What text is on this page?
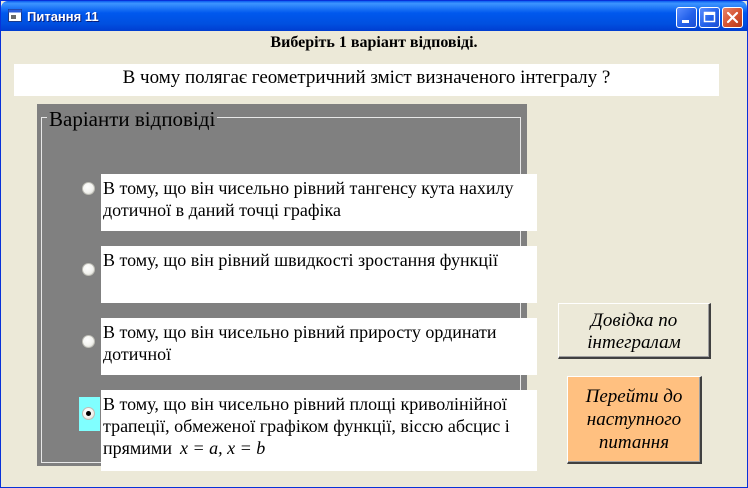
Питання 11
Виберіть 1 варіант відповіді.
В чому полягає геометричний зміст визначеного інтегралу ?
Варіанти відповіді
В тому, що він чисельно рівний тангенсу кута нахилу дотичної в даний точці графіка
В тому, що він рівний швидкості зростання функції
В тому, що він чисельно рівний приросту ординати дотичної
В тому, що він чисельно рівний площі криволінійної трапеції, обмеженої графіком функції, віссю абсцис і прямими x = a, x = b
Довідка по інтегралам
Перейти до наступного питання
